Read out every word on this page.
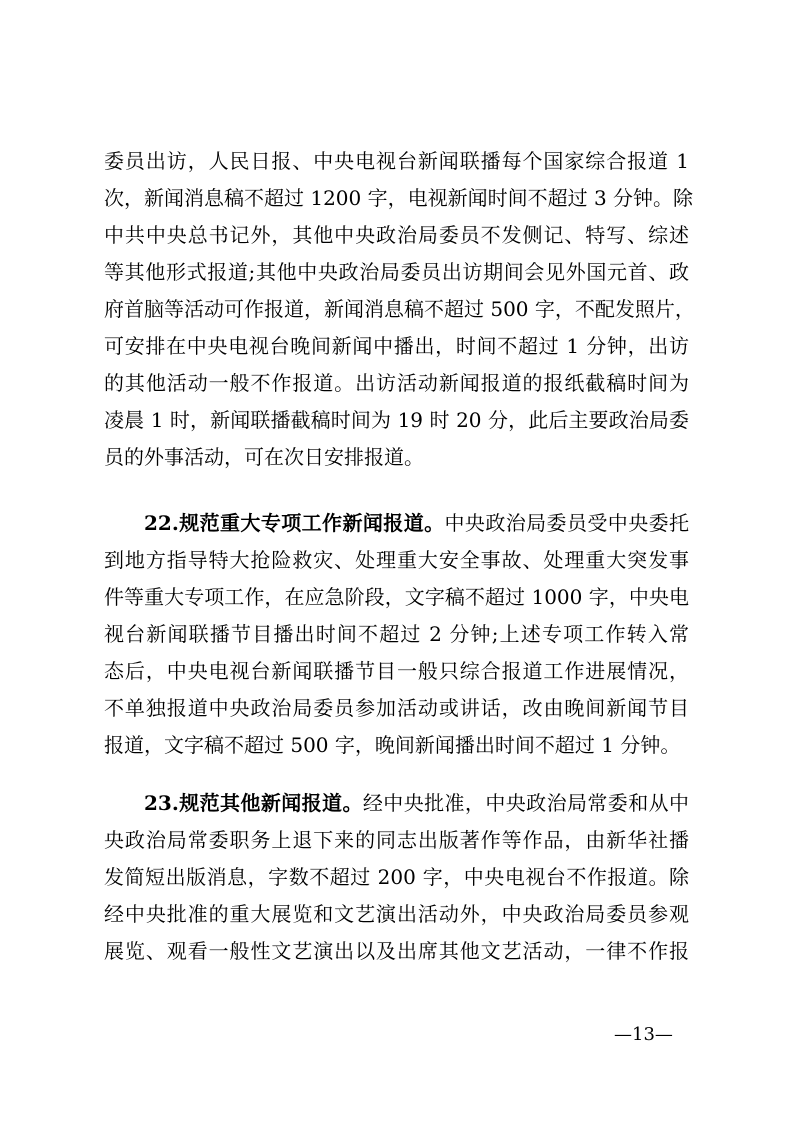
委员出访，人民日报、中央电视台新闻联播每个国家综合报道 1
次，新闻消息稿不超过 1200 字，电视新闻时间不超过 3 分钟。除
中共中央总书记外，其他中央政治局委员不发侧记、特写、综述
等其他形式报道;其他中央政治局委员出访期间会见外国元首、政
府首脑等活动可作报道，新闻消息稿不超过 500 字，不配发照片，
可安排在中央电视台晚间新闻中播出，时间不超过 1 分钟，出访
的其他活动一般不作报道。出访活动新闻报道的报纸截稿时间为
凌晨 1 时，新闻联播截稿时间为 19 时 20 分，此后主要政治局委
员的外事活动，可在次日安排报道。
22.规范重大专项工作新闻报道。中央政治局委员受中央委托
到地方指导特大抢险救灾、处理重大安全事故、处理重大突发事
件等重大专项工作，在应急阶段，文字稿不超过 1000 字，中央电
视台新闻联播节目播出时间不超过 2 分钟;上述专项工作转入常
态后，中央电视台新闻联播节目一般只综合报道工作进展情况，
不单独报道中央政治局委员参加活动或讲话，改由晚间新闻节目
报道，文字稿不超过 500 字，晚间新闻播出时间不超过 1 分钟。
23.规范其他新闻报道。经中央批准，中央政治局常委和从中
央政治局常委职务上退下来的同志出版著作等作品，由新华社播
发简短出版消息，字数不超过 200 字，中央电视台不作报道。除
经中央批准的重大展览和文艺演出活动外，中央政治局委员参观
展览、观看一般性文艺演出以及出席其他文艺活动，一律不作报
—13—
